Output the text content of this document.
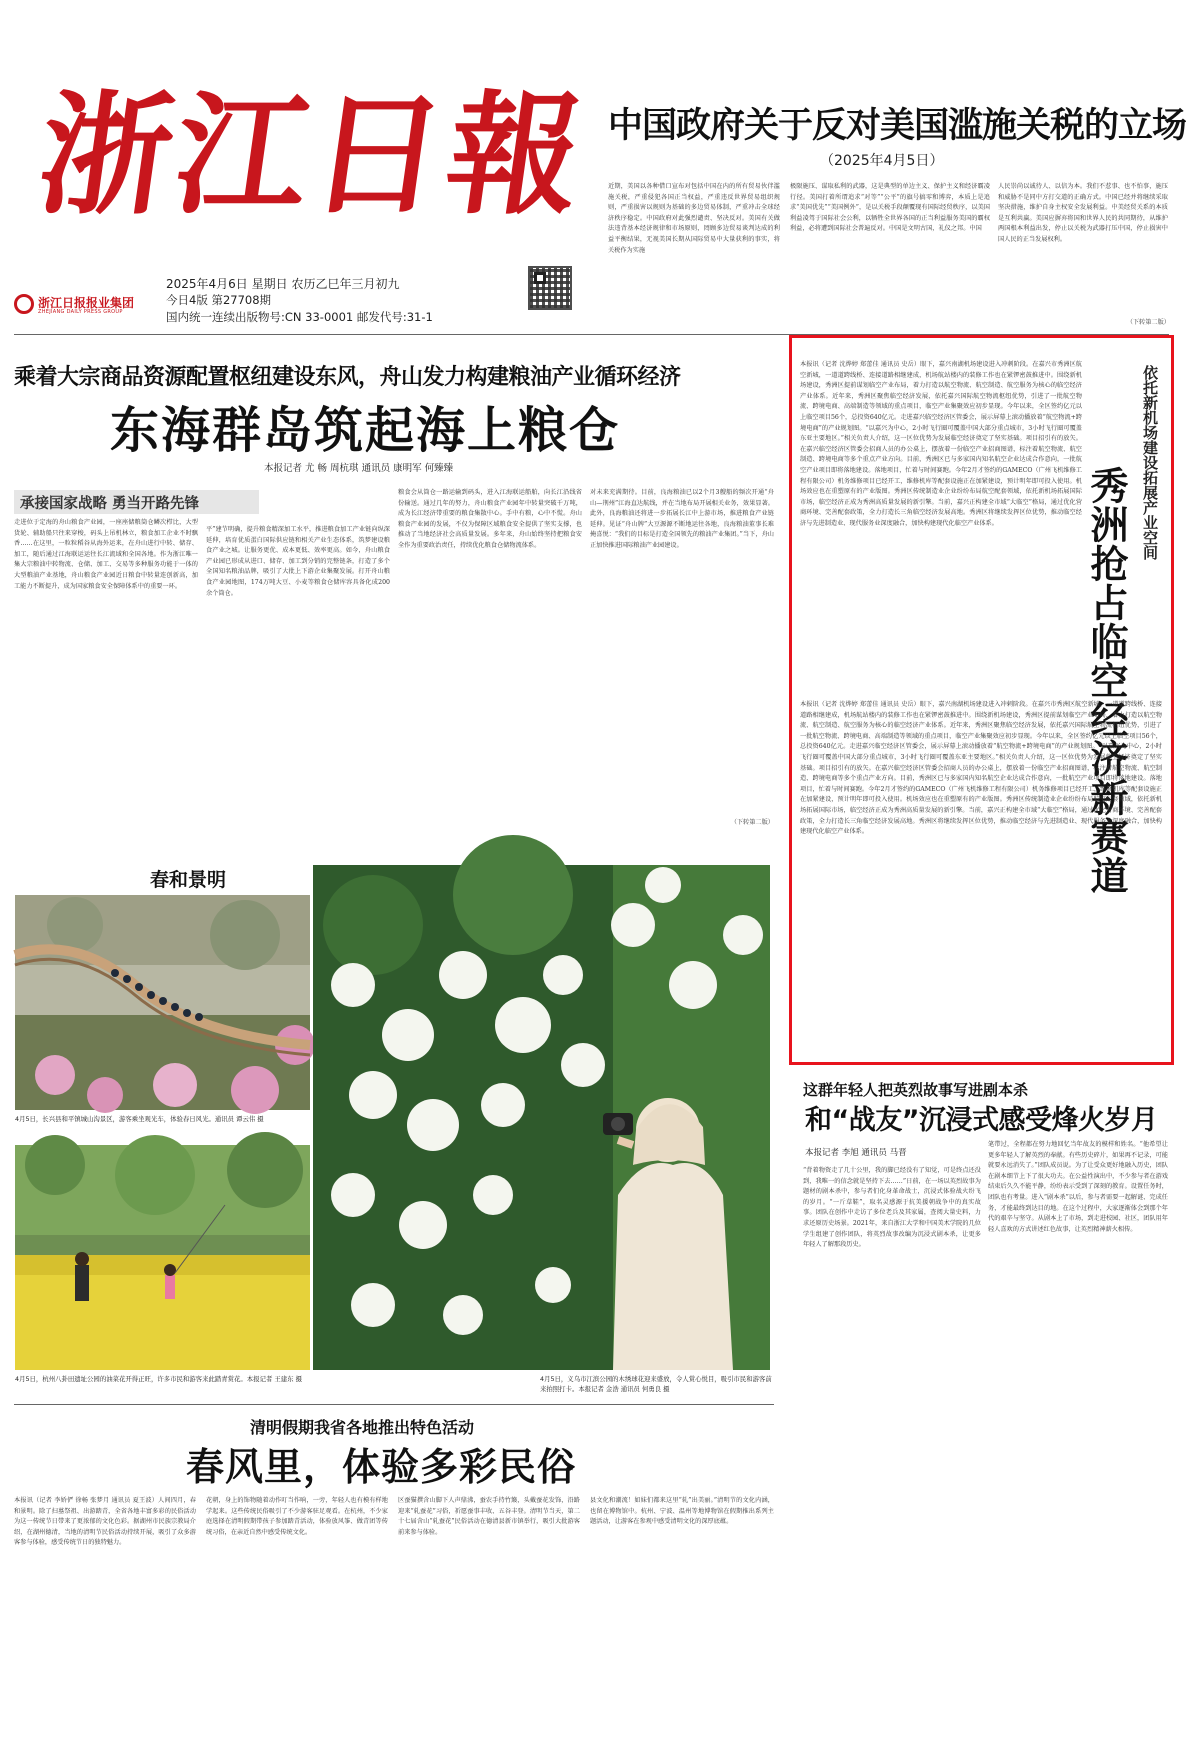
浙江日報
浙江日报报业集团
ZHEJIANG DAILY PRESS GROUP
2025年4月6日 星期日 农历乙巳年三月初九
今日4版 第27708期
国内统一连续出版物号:CN 33-0001 邮发代号:31-1
中国政府关于反对美国滥施关税的立场
（2025年4月5日）
近期，美国以各种借口宣布对包括中国在内的所有贸易伙伴滥施关税，严重侵犯各国正当权益，严重违反世界贸易组织规则，严重损害以规则为基础的多边贸易体制，严重冲击全球经济秩序稳定。中国政府对此强烈谴责、坚决反对。美国有关做法违背基本经济规律和市场原则，罔顾多边贸易谈判达成的利益平衡结果，无视美国长期从国际贸易中大量获利的事实，将关税作为实施
极限施压、谋取私利的武器，这是典型的单边主义、保护主义和经济霸凌行径。美国打着所谓追求“对等”“公平”的旗号搞零和博弈，本质上是追求“美国优先”“美国例外”，是以关税手段颠覆现有国际经贸秩序，以美国利益凌驾于国际社会公利，以牺牲全世界各国的正当利益服务美国的霸权利益，必将遭到国际社会普遍反对。中国是文明古国，礼仪之邦。中国
人民崇尚以诚待人、以信为本。我们不惹事、也不怕事，施压和威胁不是同中方打交道的正确方式。中国已经并将继续采取坚决措施，维护自身主权安全发展利益。中美经贸关系的本质是互利共赢。美国应摒弃将国和世界人民的共同期待，从维护两国根本利益出发，停止以关税为武器打压中国，停止损害中国人民的正当发展权利。
（下转第二版）
乘着大宗商品资源配置枢纽建设东风，舟山发力构建粮油产业循环经济
东海群岛筑起海上粮仓
本报记者 尤 畅 周杭琪 通讯员 康明军 何臻臻
承接国家战略 勇当开路先锋
走进位于定海的舟山粮食产业园，一座座储粮筒仓鳞次栉比，大型货轮、辅助船只往来穿梭，码头上吊机林立，粮食加工企业不时飘香……在这里，一粒粒稻谷从海外运来，在舟山进行中转、储存、加工，随后通过江海联运运往长江流域和全国各地。作为浙江唯一集大宗粮油中转物流、仓储、加工、交易等多种服务功能于一体的大型粮油产业基地，舟山粮食产业园近日粮食中转量连创新高，加工能力不断提升，成为国家粮食安全保障体系中的重要一环。
平”建节明确，提升粮食精深加工水平，推进粮食加工产业链向纵深延伸，培育优质蛋白国际供应链和相关产业生态体系，筑梦建设粮食产业之城。让服务更优、成本更低、效率更高。如今，舟山粮食产业园已形成从进口、储存、加工到分销的完整链条，打造了多个全国知名粮油品牌，吸引了大批上下游企业集聚发展。打开舟山粮食产业园地图，174万吨大豆、小麦等粮食仓储库容具备化成200余个筒仓。
粮食会从筒仓一路运输到码头，进入江海联运船舶，向长江沿线省份输送。通过几年的努力，舟山粮食产业园年中转量突破千万吨，成为长江经济带重要的粮食集散中心。手中有粮，心中不慌。舟山粮食产业园的发展，不仅为保障区域粮食安全提供了坚实支撑，也推动了当地经济社会高质量发展。多年来，舟山始终坚持把粮食安全作为重要政治责任，持续优化粮食仓储物流体系。
对未来充满期待。目前，良海粮油已以2个月3艘船的频次开通“舟山—荆州”江海直达航线，并在当地布局开展相关业务，效果显著。此外，良海粮油还将进一步拓展长江中上游市场，推进粮食产业链延伸。见证“舟山牌”大豆源源不断地运往各地，良海粮油董事长难掩喜悦：“我们的目标是打造全国领先的粮油产业集团。”当下，舟山正加快推进国际粮油产业园建设。
（下转第二版）
依托新机场建设拓展产业空间
秀洲抢占临空经济新赛道
本报讯（记者 沈烨婷 郑蕾佳 通讯员 史岳）眼下，嘉兴南湖机场建设进入冲刺阶段。在嘉兴市秀洲区航空新城，一道道跨线桥、连接道路相继建成，机场航站楼内的装修工作也在紧锣密鼓推进中。围绕新机场建设，秀洲区提前谋划临空产业布局，着力打造以航空物流、航空制造、航空服务为核心的临空经济产业体系。近年来，秀洲区聚焦临空经济发展，依托嘉兴国际航空物流枢纽优势，引进了一批航空物流、跨境电商、高端制造等领域的重点项目，临空产业集聚效应初步显现。今年以来，全区签约亿元以上临空项目56个，总投资640亿元。走进嘉兴临空经济区管委会，展示屏幕上滚动播放着“航空物流+跨境电商”的产业规划图。“以嘉兴为中心，2小时飞行圈可覆盖中国大部分重点城市，3小时飞行圈可覆盖东亚主要地区。”相关负责人介绍，这一区位优势为发展临空经济奠定了坚实基础。项目招引有的放矢。在嘉兴临空经济区管委会招商人员的办公桌上，摆放着一份临空产业招商图谱，标注着航空物流、航空制造、跨境电商等多个重点产业方向。目前，秀洲区已与多家国内知名航空企业达成合作意向，一批航空产业项目即将落地建设。落地项目，忙着与时间赛跑。今年2月才签约的GAMECO（广州飞机维修工程有限公司）机务维修项目已经开工，维修机库等配套设施正在加紧建设，预计明年即可投入使用。机场效应也在重塑原有的产业版图。秀洲区传统制造业企业纷纷布局航空配套领域，依托新机场拓展国际市场，临空经济正成为秀洲高质量发展的新引擎。当前，嘉兴正构建全市域“大临空”格局，通过优化营商环境、完善配套政策，全力打造长三角临空经济发展高地。秀洲区将继续发挥区位优势，推动临空经济与先进制造业、现代服务业深度融合，加快构建现代化临空产业体系。
本报讯（记者 沈烨婷 郑蕾佳 通讯员 史岳）眼下，嘉兴南湖机场建设进入冲刺阶段。在嘉兴市秀洲区航空新城，一道道跨线桥、连接道路相继建成，机场航站楼内的装修工作也在紧锣密鼓推进中。围绕新机场建设，秀洲区提前谋划临空产业布局，着力打造以航空物流、航空制造、航空服务为核心的临空经济产业体系。近年来，秀洲区聚焦临空经济发展，依托嘉兴国际航空物流枢纽优势，引进了一批航空物流、跨境电商、高端制造等领域的重点项目，临空产业集聚效应初步显现。今年以来，全区签约亿元以上临空项目56个，总投资640亿元。走进嘉兴临空经济区管委会，展示屏幕上滚动播放着“航空物流+跨境电商”的产业规划图。“以嘉兴为中心，2小时飞行圈可覆盖中国大部分重点城市，3小时飞行圈可覆盖东亚主要地区。”相关负责人介绍，这一区位优势为发展临空经济奠定了坚实基础。项目招引有的放矢。在嘉兴临空经济区管委会招商人员的办公桌上，摆放着一份临空产业招商图谱，标注着航空物流、航空制造、跨境电商等多个重点产业方向。目前，秀洲区已与多家国内知名航空企业达成合作意向，一批航空产业项目即将落地建设。落地项目，忙着与时间赛跑。今年2月才签约的GAMECO（广州飞机维修工程有限公司）机务维修项目已经开工，维修机库等配套设施正在加紧建设，预计明年即可投入使用。机场效应也在重塑原有的产业版图。秀洲区传统制造业企业纷纷布局航空配套领域，依托新机场拓展国际市场，临空经济正成为秀洲高质量发展的新引擎。当前，嘉兴正构建全市域“大临空”格局，通过优化营商环境、完善配套政策，全力打造长三角临空经济发展高地。秀洲区将继续发挥区位优势，推动临空经济与先进制造业、现代服务业深度融合，加快构建现代化临空产业体系。
春和景明
4月5日，长兴县和平镇城山沟景区，游客乘坐观光车，体验春日风光。通讯员 谭云伟 摄
4月5日，杭州八卦田遗址公园的油菜花开得正旺，许多市民和游客来此踏青赏花。本报记者 王建东 摄	4月5日，义乌市江滨公园的木绣球花迎来盛放，令人赏心悦目，吸引市民和游客前来拍照打卡。本报记者 金浩 通讯员 何勇良 摄
这群年轻人把英烈故事写进剧本杀
和“战友”沉浸式感受烽火岁月
本报记者 李旭 通讯员 马晋
“背着物资走了几十公里，我的脚已经没有了知觉，可是终点还没到，我唯一的信念就是坚持下去……”日前，在一场以英烈故事为题材的剧本杀中，参与者们化身革命战士，沉浸式体验战火纷飞的岁月。“一斤草鞋”，取名灵感源于抗美援朝战争中的真实故事。团队在创作中走访了多位老兵及其家属，查阅大量史料，力求还原历史场景。2021年，来自浙江大学和中国美术学院的几位学生组建了创作团队，将英烈故事改编为沉浸式剧本杀，让更多年轻人了解那段历史。
笔带过，全程都在努力地回忆当年故友的模样和姓名。“他希望让更多年轻人了解英烈的奉献。有些历史碎片，如果再不记录，可能就要永远消失了。”团队成员说。为了让受众更好地融入历史，团队在剧本细节上下了很大功夫。在公益性演出中，不少参与者在游戏结束后久久不能平静，纷纷表示受到了深刻的教育。设置任务时，团队也有考量。进入“剧本杀”以后，参与者需要一起解谜、完成任务，才能最终到达目的地。在这个过程中，大家逐渐体会到那个年代的艰辛与坚守。从剧本上了市场，到走进校园、社区，团队用年轻人喜欢的方式讲述红色故事，让英烈精神薪火相传。
清明假期我省各地推出特色活动
春风里，体验多彩民俗
本报讯（记者 李娇俨 徐畅 张梦月 通讯员 夏王波）人间四月，春和景明。除了扫墓祭祖、出游踏青，全省各地丰富多彩的民俗活动为这一传统节日带来了更浓郁的文化色彩。据湖州市民族宗教局介绍，在湖州德清，当地的清明节民俗活动持续开展，吸引了众多游客参与体验，感受传统节日的独特魅力。
花朝，身上的饰物随着动作叮当作响，一旁，年轻人也有模有样地学起来。这些传统民俗吸引了不少游客驻足观看。在杭州，不少家庭选择在清明假期带孩子参加踏青活动，体验放风筝、做青团等传统习俗，在亲近自然中感受传统文化。
区蚕猫撰含山脚下人声鼎沸，蚕农手持竹簸，头戴蚕花发饰，沿路迎来“轧蚕花”习俗，祈愿蚕事丰收、五谷丰登。清明节当天，第二十七届含山“轧蚕花”民俗活动在德清县新市镇举行，吸引大批游客前来参与体验。
县文化和潮流！如妹们都来这里“轧”出美丽。”清明节的文化内涵，也留在博物馆中。杭州、宁波、温州等地博物馆在假期推出系列主题活动，让游客在参观中感受清明文化的深厚底蕴。
